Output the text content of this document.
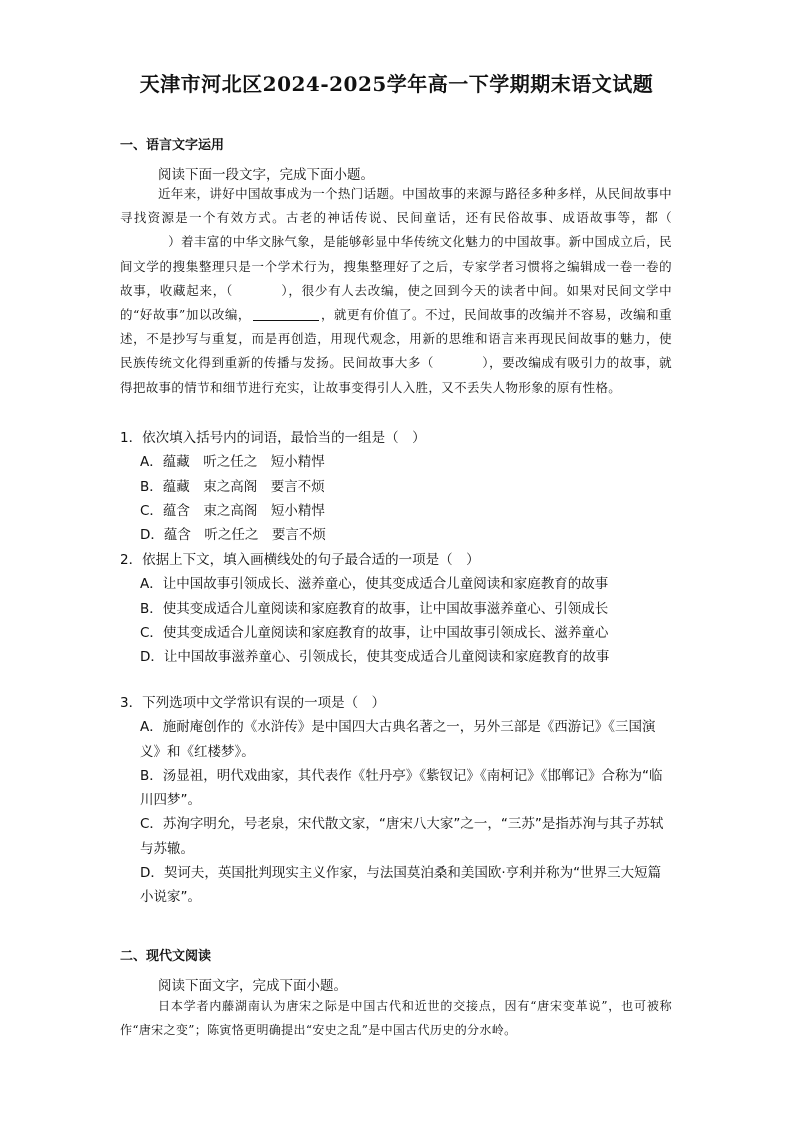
天津市河北区2024-2025学年高一下学期期末语文试题
一、语言文字运用
阅读下面一段文字，完成下面小题。
近年来，讲好中国故事成为一个热门话题。中国故事的来源与路径多种多样，从民间故事中寻找资源是一个有效方式。古老的神话传说、民间童话，还有民俗故事、成语故事等，都（）着丰富的中华文脉气象，是能够彰显中华传统文化魅力的中国故事。新中国成立后，民间文学的搜集整理只是一个学术行为，搜集整理好了之后，专家学者习惯将之编辑成一卷一卷的故事，收藏起来，（	），很少有人去改编，使之回到今天的读者中间。如果对民间文学中的“好故事”加以改编，	，就更有价值了。不过，民间故事的改编并不容易，改编和重述，不是抄写与重复，而是再创造，用现代观念，用新的思维和语言来再现民间故事的魅力，使民族传统文化得到重新的传播与发扬。民间故事大多（	），要改编成有吸引力的故事，就得把故事的情节和细节进行充实，让故事变得引人入胜，又不丢失人物形象的原有性格。
1．依次填入括号内的词语，最恰当的一组是（　）
A．蕴藏　听之任之　短小精悍
B．蕴藏　束之高阁　要言不烦
C．蕴含　束之高阁　短小精悍
D．蕴含　听之任之　要言不烦
2．依据上下文，填入画横线处的句子最合适的一项是（　）
A．让中国故事引领成长、滋养童心，使其变成适合儿童阅读和家庭教育的故事
B．使其变成适合儿童阅读和家庭教育的故事，让中国故事滋养童心、引领成长
C．使其变成适合儿童阅读和家庭教育的故事，让中国故事引领成长、滋养童心
D．让中国故事滋养童心、引领成长，使其变成适合儿童阅读和家庭教育的故事
3．下列选项中文学常识有误的一项是（　）
A．施耐庵创作的《水浒传》是中国四大古典名著之一，另外三部是《西游记》《三国演义》和《红楼梦》。
B．汤显祖，明代戏曲家，其代表作《牡丹亭》《紫钗记》《南柯记》《邯郸记》合称为“临川四梦”。
C．苏洵字明允，号老泉，宋代散文家，“唐宋八大家”之一，“三苏”是指苏洵与其子苏轼与苏辙。
D．契诃夫，英国批判现实主义作家，与法国莫泊桑和美国欧·亨利并称为“世界三大短篇小说家”。
二、现代文阅读
阅读下面文字，完成下面小题。
日本学者内藤湖南认为唐宋之际是中国古代和近世的交接点，因有“唐宋变革说”，也可被称作“唐宋之变”；陈寅恪更明确提出“安史之乱”是中国古代历史的分水岭。
